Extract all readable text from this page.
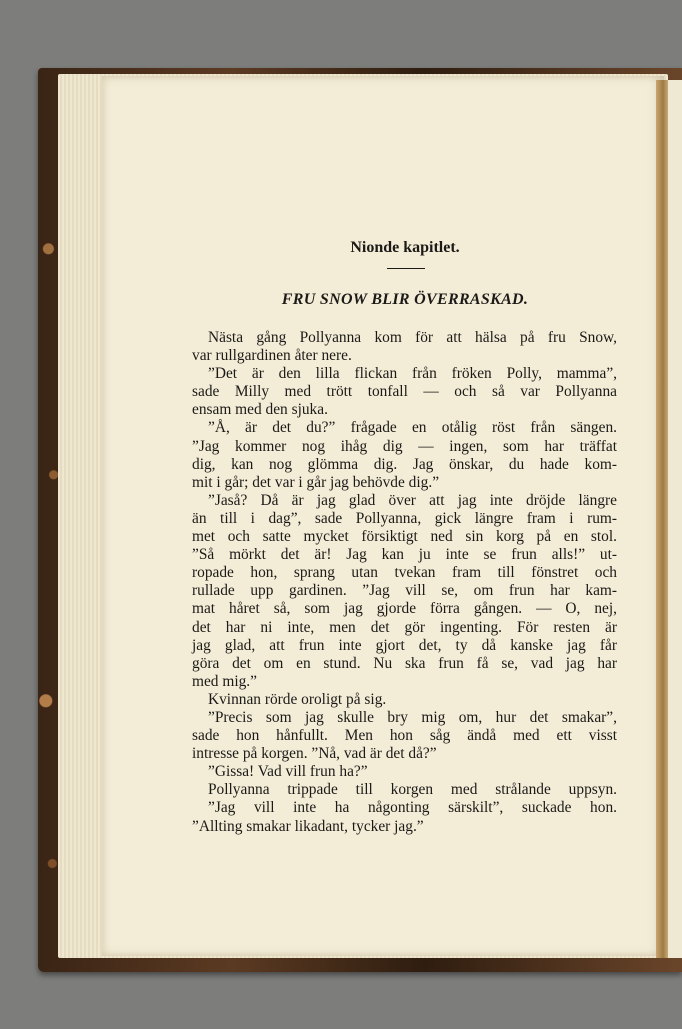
Nionde kapitlet.
FRU SNOW BLIR ÖVERRASKAD.
Nästa gång Pollyanna kom för att hälsa på fru Snow,
var rullgardinen åter nere.
”Det är den lilla flickan från fröken Polly, mamma”,
sade Milly med trött tonfall — och så var Pollyanna
ensam med den sjuka.
”Å, är det du?” frågade en otålig röst från sängen.
”Jag kommer nog ihåg dig — ingen, som har träffat
dig, kan nog glömma dig. Jag önskar, du hade kom-
mit i går; det var i går jag behövde dig.”
”Jaså? Då är jag glad över att jag inte dröjde längre
än till i dag”, sade Pollyanna, gick längre fram i rum-
met och satte mycket försiktigt ned sin korg på en stol.
”Så mörkt det är! Jag kan ju inte se frun alls!” ut-
ropade hon, sprang utan tvekan fram till fönstret och
rullade upp gardinen. ”Jag vill se, om frun har kam-
mat håret så, som jag gjorde förra gången. — O, nej,
det har ni inte, men det gör ingenting. För resten är
jag glad, att frun inte gjort det, ty då kanske jag får
göra det om en stund. Nu ska frun få se, vad jag har
med mig.”
Kvinnan rörde oroligt på sig.
”Precis som jag skulle bry mig om, hur det smakar”,
sade hon hånfullt. Men hon såg ändå med ett visst
intresse på korgen. ”Nå, vad är det då?”
”Gissa! Vad vill frun ha?”
Pollyanna trippade till korgen med strålande uppsyn.
”Jag vill inte ha någonting särskilt”, suckade hon.
”Allting smakar likadant, tycker jag.”
